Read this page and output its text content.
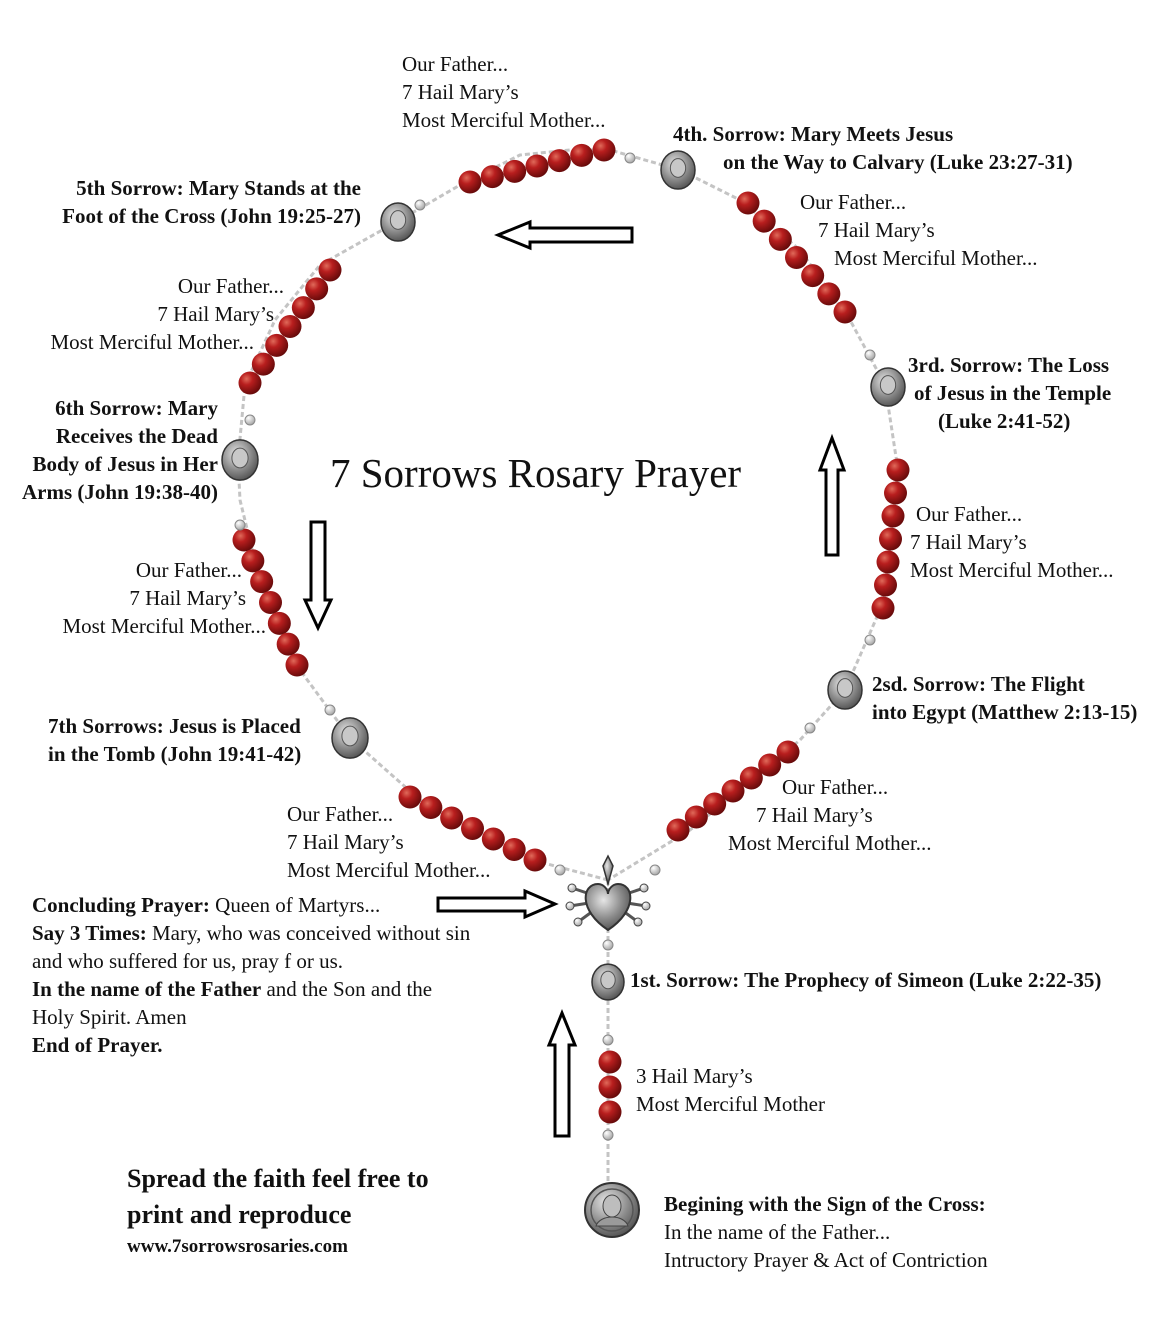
7 Sorrows Rosary Prayer
Our Father...
7 Hail Mary’s
Most Merciful Mother...
Our Father...
7 Hail Mary’s
Most Merciful Mother...
Our Father...
7 Hail Mary’s
Most Merciful Mother...
Our Father...
7 Hail Mary’s
Most Merciful Mother...
Our Father...
7 Hail Mary’s
Most Merciful Mother...
Our Father...
7 Hail Mary’s
Most Merciful Mother...
Our Father...
7 Hail Mary’s
Most Merciful Mother...
4th. Sorrow: Mary Meets Jesus
on the Way to Calvary (Luke 23:27-31)
5th Sorrow: Mary Stands at the
Foot of the Cross (John 19:25-27)
3rd. Sorrow: The Loss
of Jesus in the Temple
(Luke 2:41-52)
6th Sorrow: Mary
Receives the Dead
Body of Jesus in Her
Arms (John 19:38-40)
2sd. Sorrow: The Flight
into Egypt (Matthew 2:13-15)
7th Sorrows: Jesus is Placed
in the Tomb (John 19:41-42)
1st. Sorrow: The Prophecy of Simeon (Luke 2:22-35)
Concluding Prayer: Queen of Martyrs...
Say 3 Times: Mary, who was conceived without sin
and who suffered for us, pray f or us.
In the name of the Father and the Son and the
Holy Spirit. Amen
End of Prayer.
3 Hail Mary’s
Most Merciful Mother
Begining with the Sign of the Cross:
In the name of the Father...
Intructory Prayer & Act of Contriction
Spread the faith feel free to
print and reproduce
www.7sorrowsrosaries.com
